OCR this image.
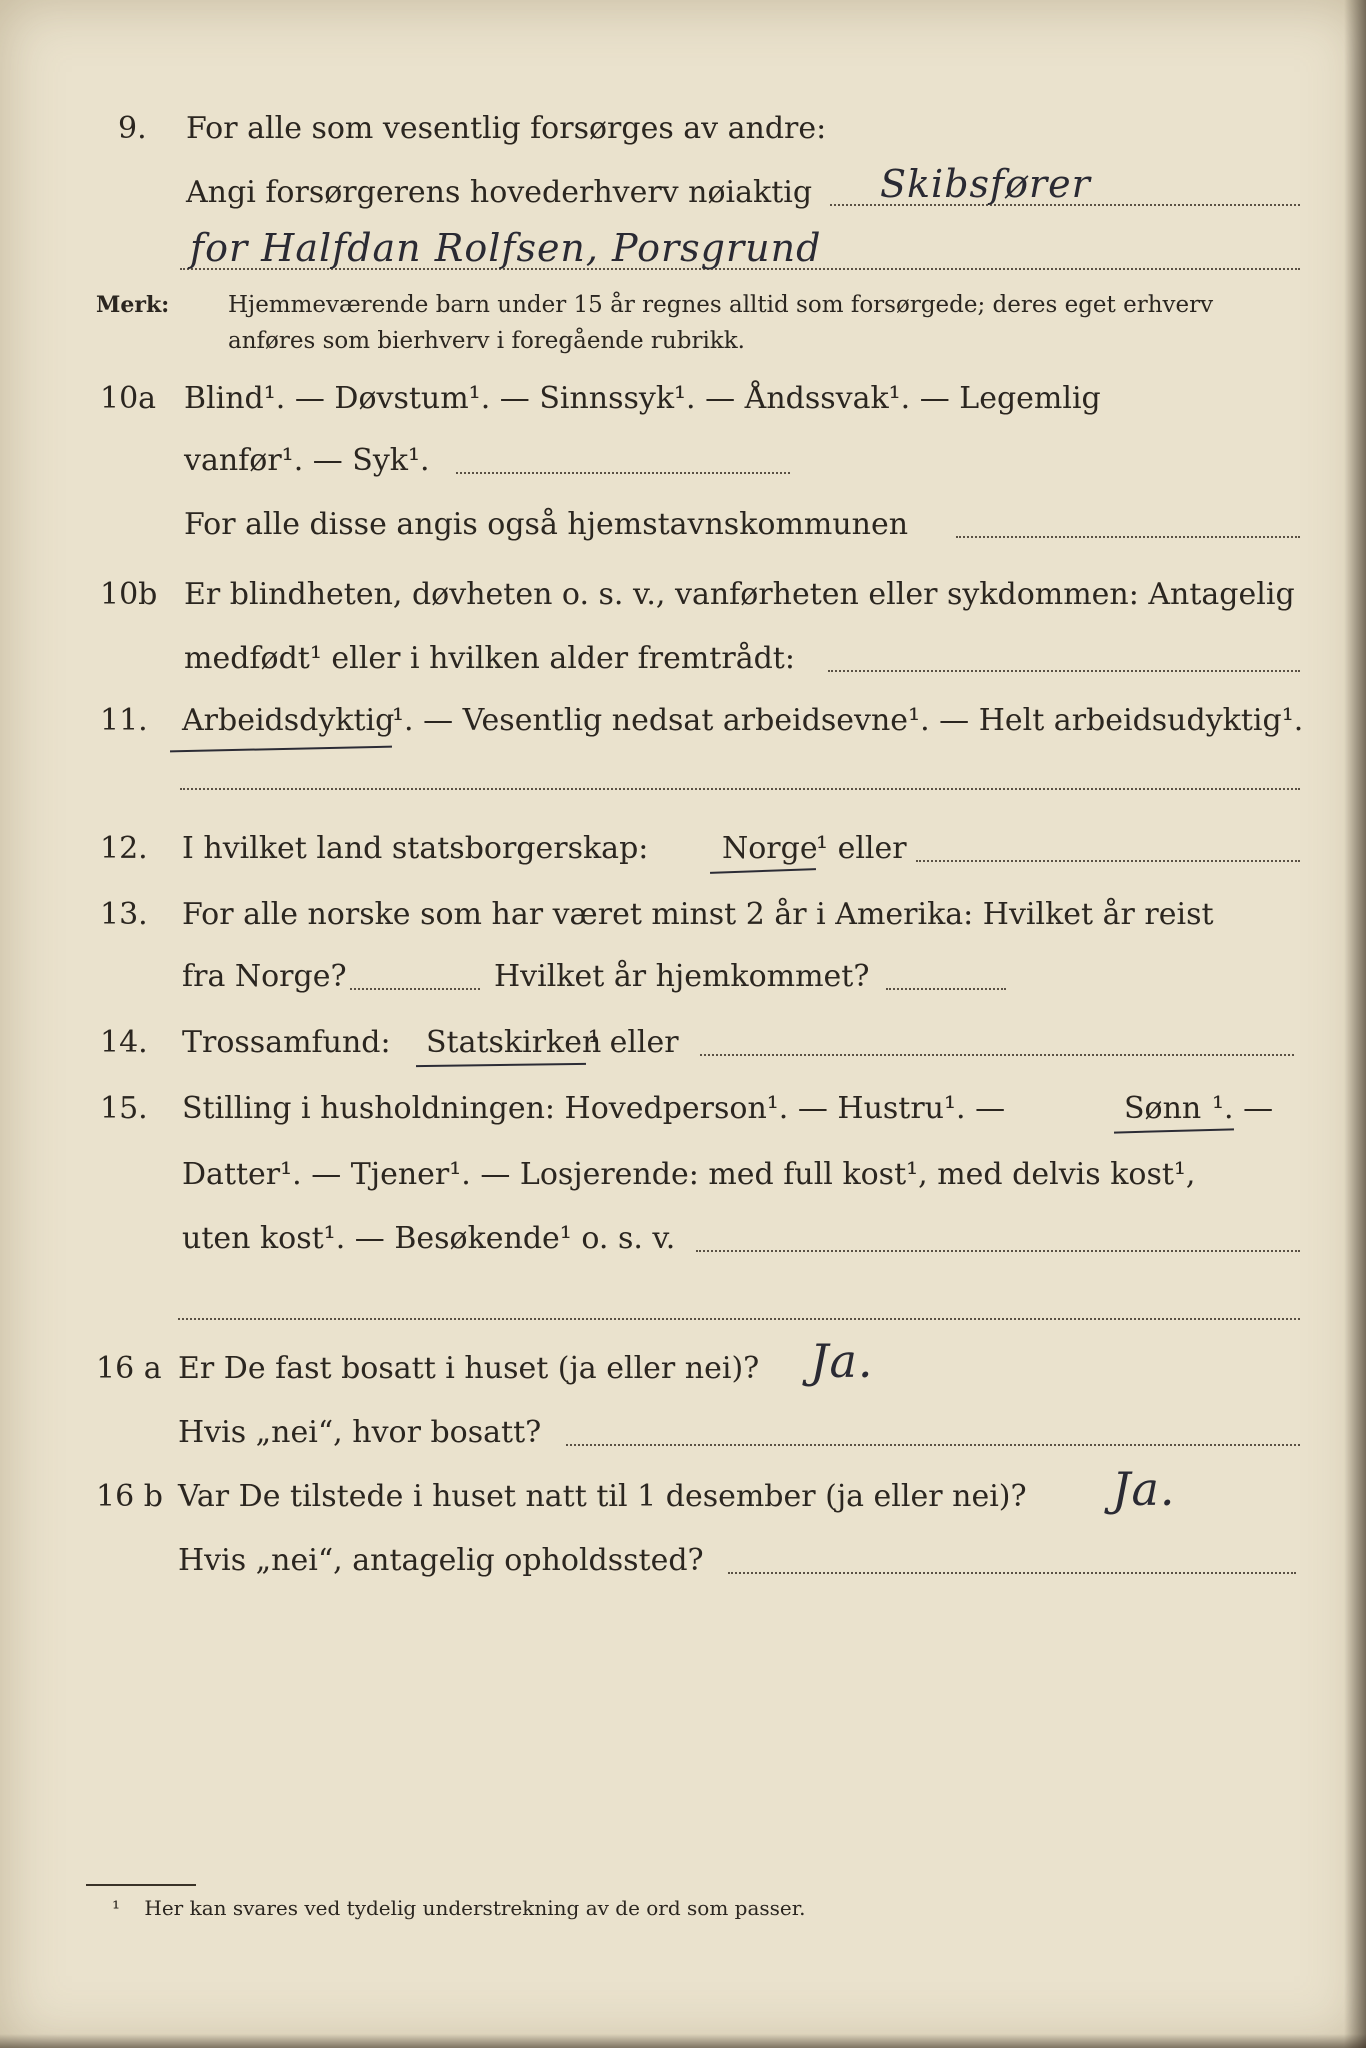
9. For alle som vesentlig forsørges av andre:
Angi forsørgerens hovederhverv nøiaktig Skibsfører
for Halfdan Rolfsen, Porsgrund
Merk:	Hjemmeværende barn under 15 år regnes alltid som forsørgede; deres eget erhverv
anføres som bierhverv i foregående rubrikk.
10a Blind¹. — Døvstum¹. — Sinnssyk¹. — Åndssvak¹. — Legemlig
vanfør¹. — Syk¹.
For alle disse angis også hjemstavnskommunen
10b Er blindheten, døvheten o. s. v., vanførheten eller sykdommen: Antagelig
medfødt¹ eller i hvilken alder fremtrådt:
11. Arbeidsdyktig
¹. — Vesentlig nedsat arbeidsevne¹. — Helt arbeidsudyktig¹.
12. I hvilket land statsborgerskap: Norge
¹ eller
13. For alle norske som har været minst 2 år i Amerika: Hvilket år reist
fra Norge?	Hvilket år hjemkommet?
14. Trossamfund: Statskirken
¹ eller
15. Stilling i husholdningen: Hovedperson¹. — Hustru¹. —	Sønn ¹. —
Datter¹. — Tjener¹. — Losjerende: med full kost¹, med delvis kost¹,
uten kost¹. — Besøkende¹ o. s. v.
16 a Er De fast bosatt i huset (ja eller nei)? Ja.
Hvis „nei“, hvor bosatt?
16 b Var De tilstede i huset natt til 1 desember (ja eller nei)? Ja.
Hvis „nei“, antagelig opholdssted?
¹ Her kan svares ved tydelig understrekning av de ord som passer.
